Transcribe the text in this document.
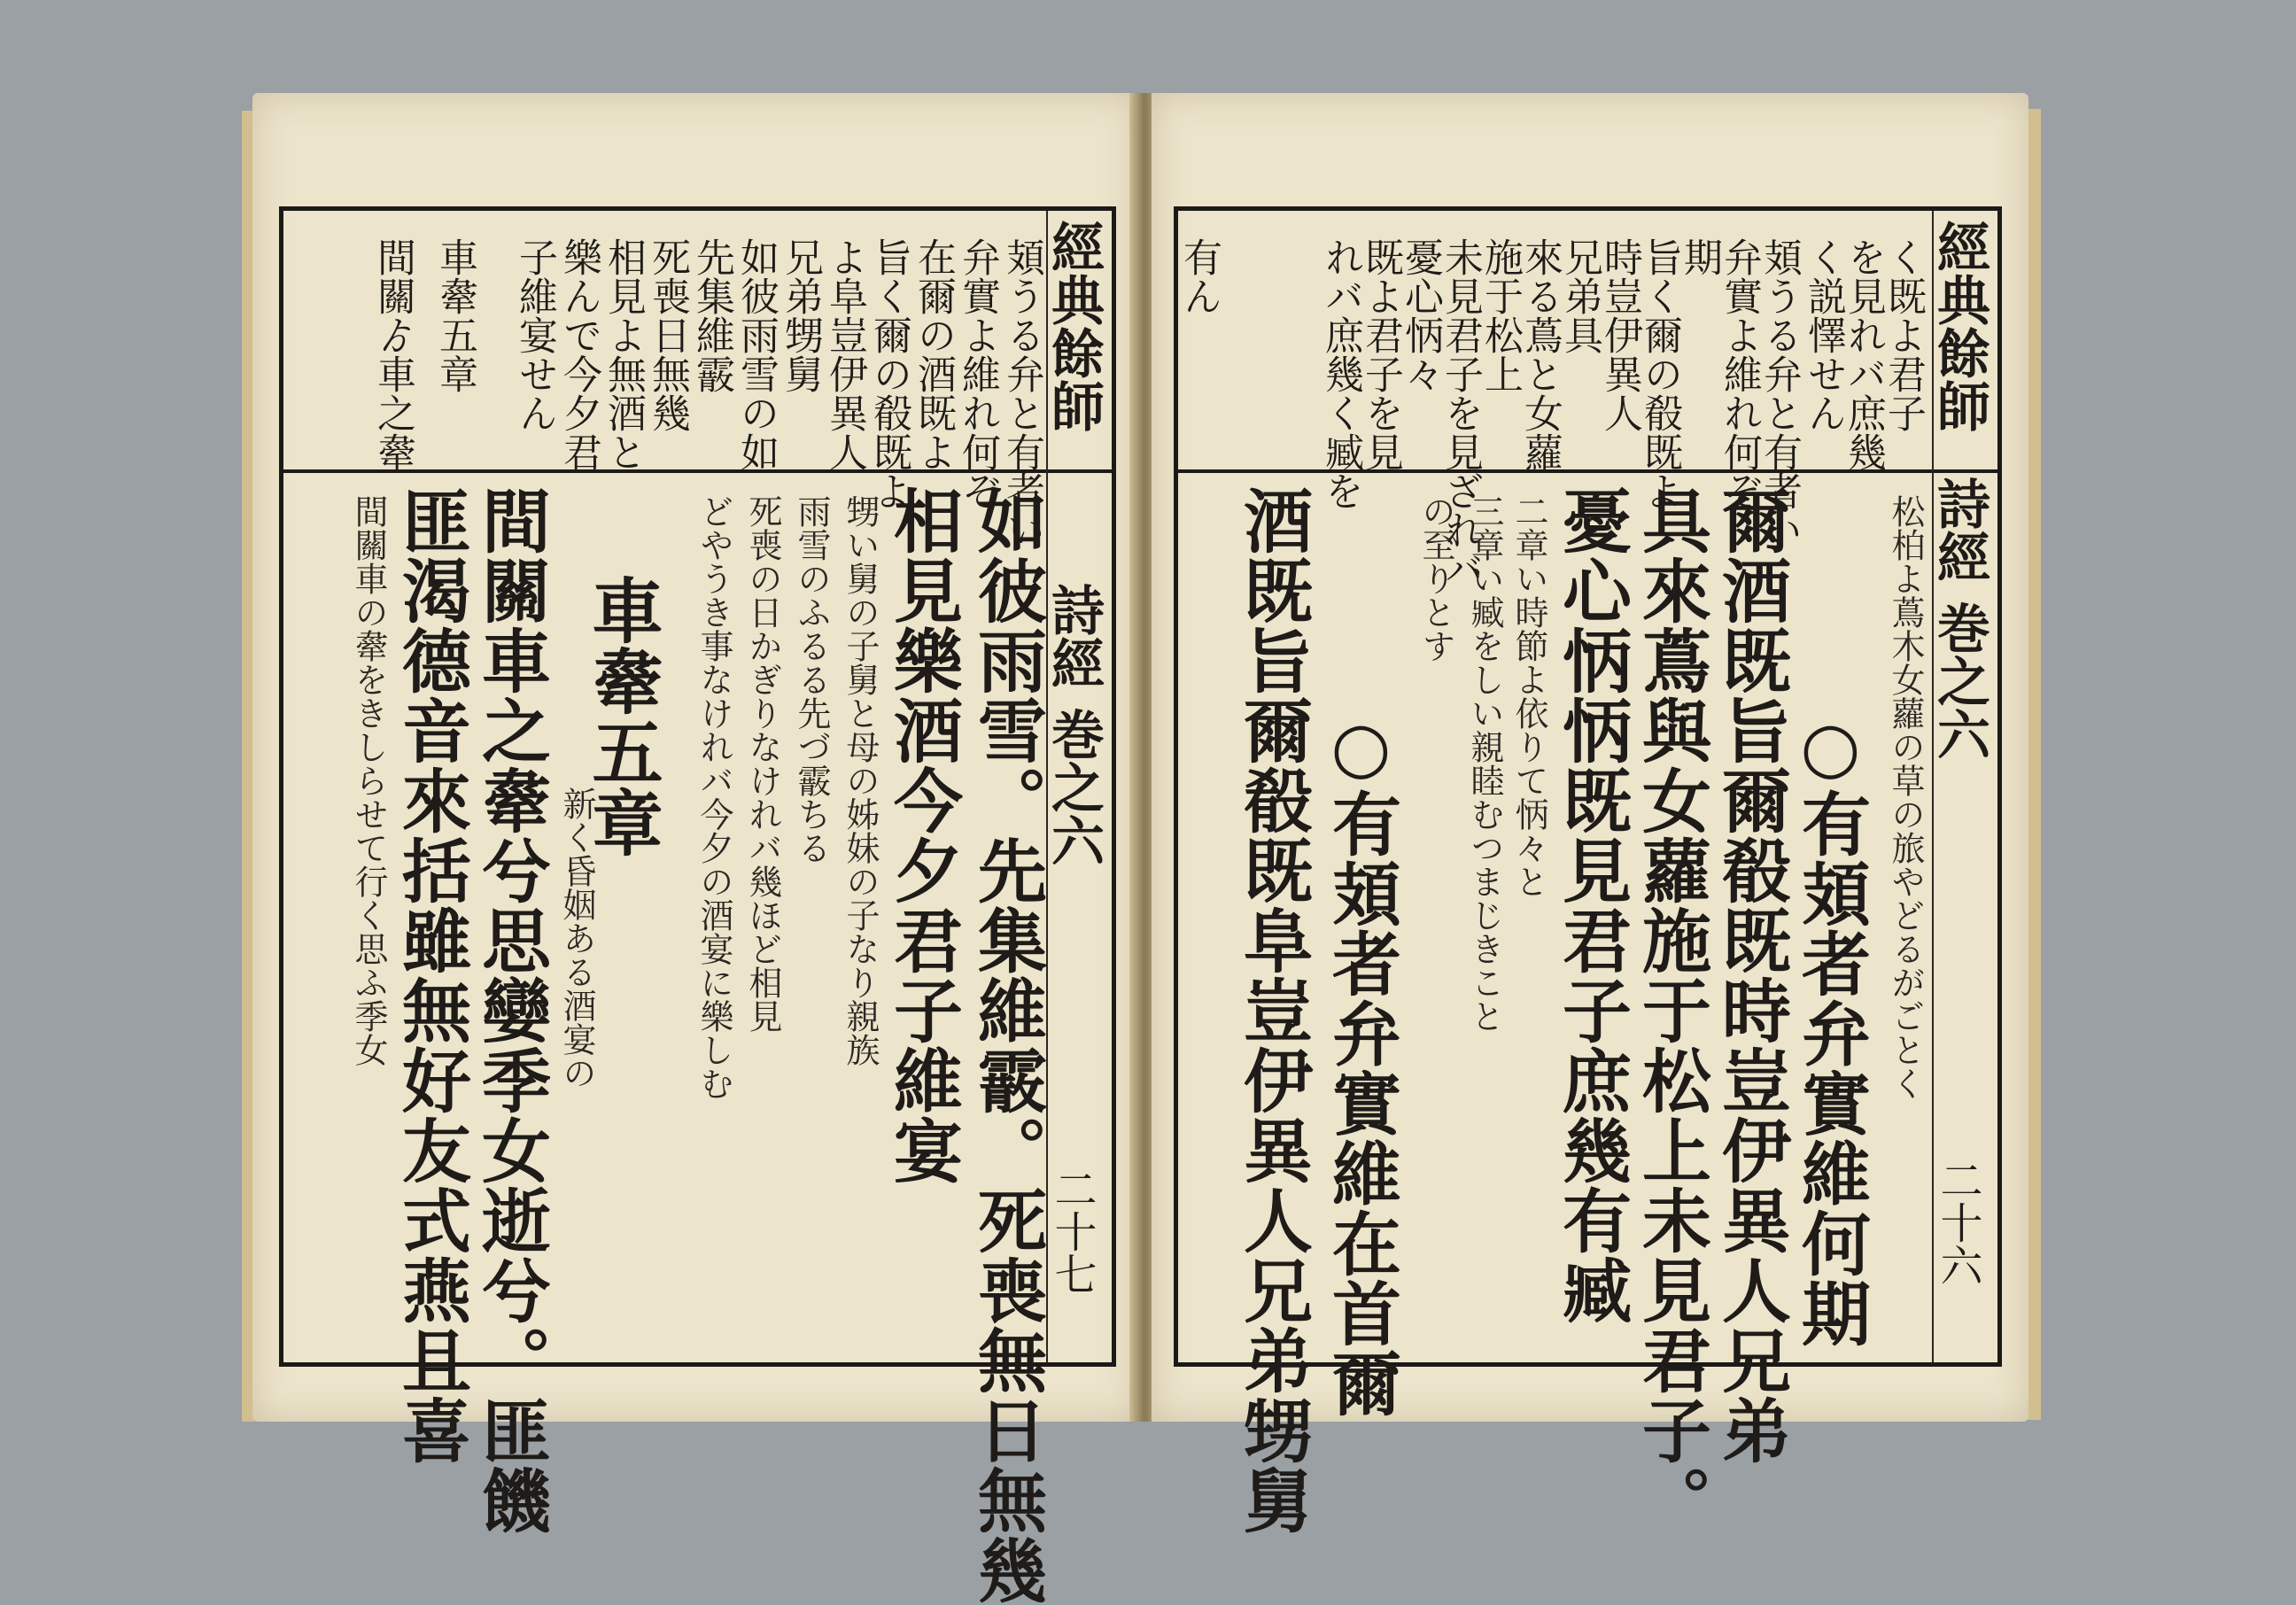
經典餘師
詩經 巻之六
二十七
頍うる弁と有者い
弁實よ維れ何ぞ
在爾の酒既よ
旨く爾の殽既よ
よ阜豈伊異人
兄弟甥舅
如彼雨雪の如
先集維霰
死喪日無幾
相見よ無酒と
樂んで今夕君
子維宴せん
車舝五章
間關ゟ車之舝
如彼雨雪。先集維霰。死喪無日無幾
相見樂酒今夕君子維宴
甥い舅の子舅と母の姊妹の子なり親族
雨雪のふるる先づ霰ちる
死喪の日かぎりなけれバ幾ほど相見
どやうき事なけれバ今夕の酒宴に樂しむ
車舝五章
新く昏姻ある酒宴の
間關車之舝兮思孌季女逝兮。匪饑
匪渴德音來括雖無好友式燕且喜
間關車の舝をきしらせて行く思ふ季女
經典餘師
詩經 巻之六
二十六
く既よ君子
を見れバ庶幾
く説懌せん
頍うる弁と有者い
弁實よ維れ何ぞ
期
旨く爾の殽既よ
時豈伊異人
兄弟具
來る蔦と女蘿
施于松上
未見君子を見ざれバ
憂心怲々
既よ君子を見
れバ庶幾く臧を
有ん
松柏よ蔦木女蘿の草の旅やどるがごとく
○有頍者弁實維何期
爾酒既旨爾殽既時豈伊異人兄弟
具來蔦與女蘿施于松上未見君子。
憂心怲怲既見君子庶幾有臧
二章い時節よ依りて怲々と
三章い臧をしい親睦むつまじきこと
の至りとす
○有頍者弁實維在首爾
酒既旨爾殽既阜豈伊異人兄弟甥舅
